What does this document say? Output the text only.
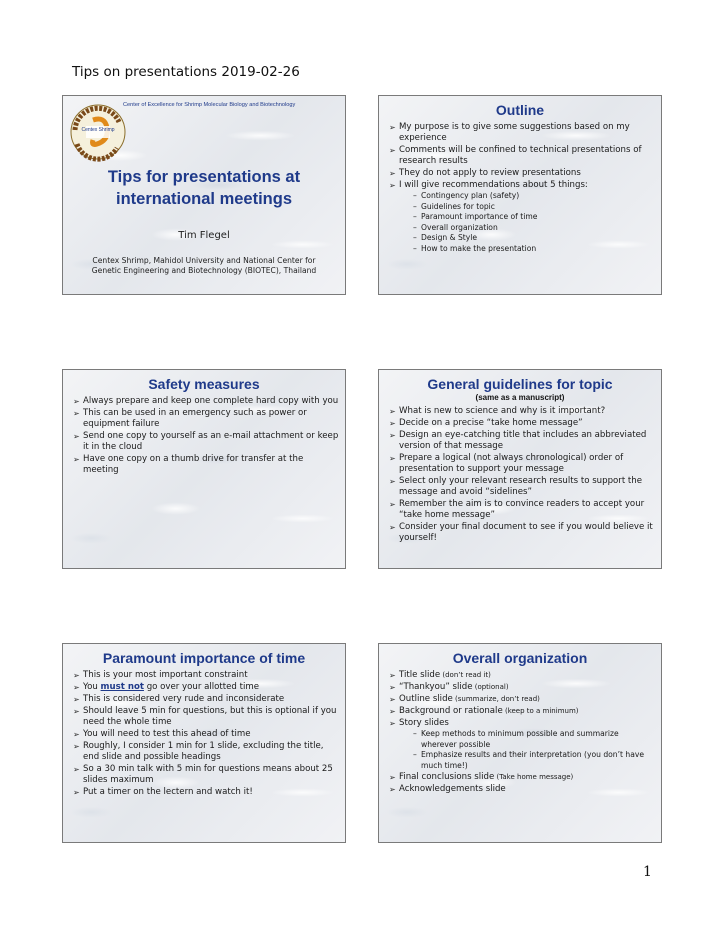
Tips on presentations 2019-02-26
Centex Shrimp
Center of Excellence for Shrimp Molecular Biology and Biotechnology
Tips for presentations at international meetings
Tim Flegel
Centex Shrimp, Mahidol University and National Center for Genetic Engineering and Biotechnology (BIOTEC), Thailand
Outline
➢ My purpose is to give some suggestions based on my experience
➢ Comments will be confined to technical presentations of research results
➢ They do not apply to review presentations
➢ I will give recommendations about 5 things:
– Contingency plan (safety)
– Guidelines for topic
– Paramount importance of time
– Overall organization
– Design & Style
– How to make the presentation
Safety measures
➢ Always prepare and keep one complete hard copy with you
➢ This can be used in an emergency such as power or equipment failure
➢ Send one copy to yourself as an e-mail attachment or keep it in the cloud
➢ Have one copy on a thumb drive for transfer at the meeting
General guidelines for topic
(same as a manuscript)
➢ What is new to science and why is it important?
➢ Decide on a precise “take home message”
➢ Design an eye-catching title that includes an abbreviated version of that message
➢ Prepare a logical (not always chronological) order of presentation to support your message
➢ Select only your relevant research results to support the message and avoid “sidelines”
➢ Remember the aim is to convince readers to accept your “take home message”
➢ Consider your final document to see if you would believe it yourself!
Paramount importance of time
➢ This is your most important constraint
➢ You must not go over your allotted time
➢ This is considered very rude and inconsiderate
➢ Should leave 5 min for questions, but this is optional if you need the whole time
➢ You will need to test this ahead of time
➢ Roughly, I consider 1 min for 1 slide, excluding the title, end slide and possible headings
➢ So a 30 min talk with 5 min for questions means about 25 slides maximum
➢ Put a timer on the lectern and watch it!
Overall organization
➢ Title slide (don’t read it)
➢ “Thankyou” slide (optional)
➢ Outline slide (summarize, don’t read)
➢ Background or rationale (keep to a minimum)
➢ Story slides
– Keep methods to minimum possible and summarize wherever possible
– Emphasize results and their interpretation (you don’t have much time!)
➢ Final conclusions slide (Take home message)
➢ Acknowledgements slide
1
